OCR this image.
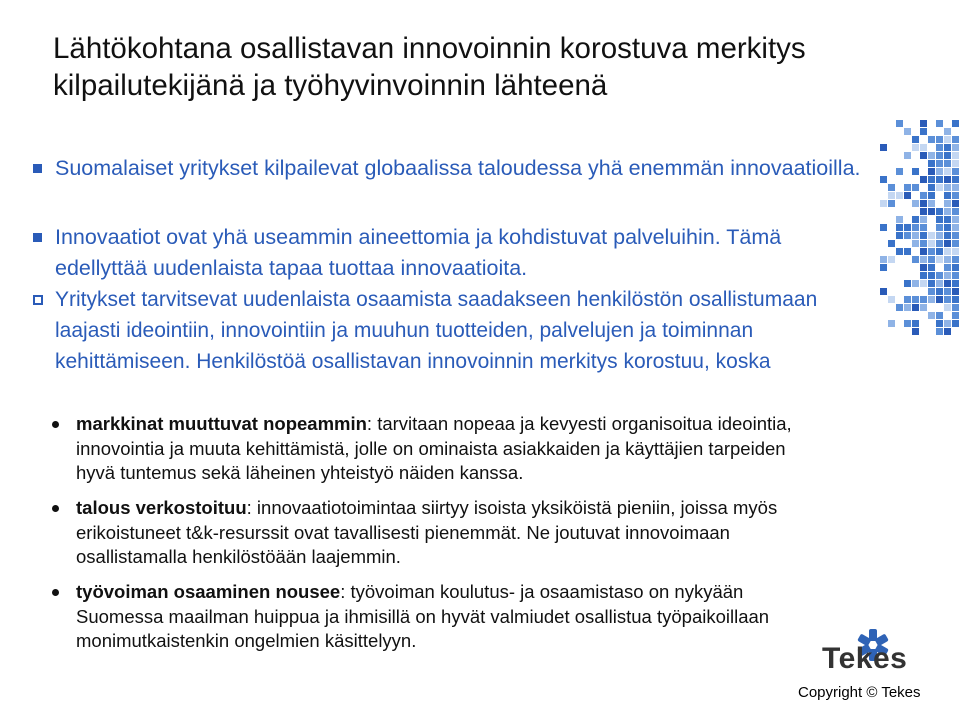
Lähtökohtana osallistavan innovoinnin korostuva merkitys
kilpailutekijänä ja työhyvinvoinnin lähteenä
Suomalaiset yritykset kilpailevat globaalissa taloudessa yhä enemmän innovaatioilla.
Innovaatiot ovat yhä useammin aineettomia ja kohdistuvat palveluihin. Tämä edellyttää uudenlaista tapaa tuottaa innovaatioita.
Yritykset tarvitsevat uudenlaista osaamista saadakseen henkilöstön osallistumaan laajasti ideointiin, innovointiin ja muuhun tuotteiden, palvelujen ja toiminnan kehittämiseen. Henkilöstöä osallistavan innovoinnin merkitys korostuu, koska
markkinat muuttuvat nopeammin: tarvitaan nopeaa ja kevyesti organisoitua ideointia, innovointia ja muuta kehittämistä, jolle on ominaista asiakkaiden ja käyttäjien tarpeiden hyvä tuntemus sekä läheinen yhteistyö näiden kanssa.
talous verkostoituu: innovaatiotoimintaa siirtyy isoista yksiköistä pieniin, joissa myös erikoistuneet t&k-resurssit ovat tavallisesti pienemmät. Ne joutuvat innovoimaan osallistamalla henkilöstöään laajemmin.
työvoiman osaaminen nousee: työvoiman koulutus- ja osaamistaso on nykyään Suomessa maailman huippua ja ihmisillä on hyvät valmiudet osallistua työpaikoillaan monimutkaistenkin ongelmien käsittelyyn.
Tekes
Copyright © Tekes
